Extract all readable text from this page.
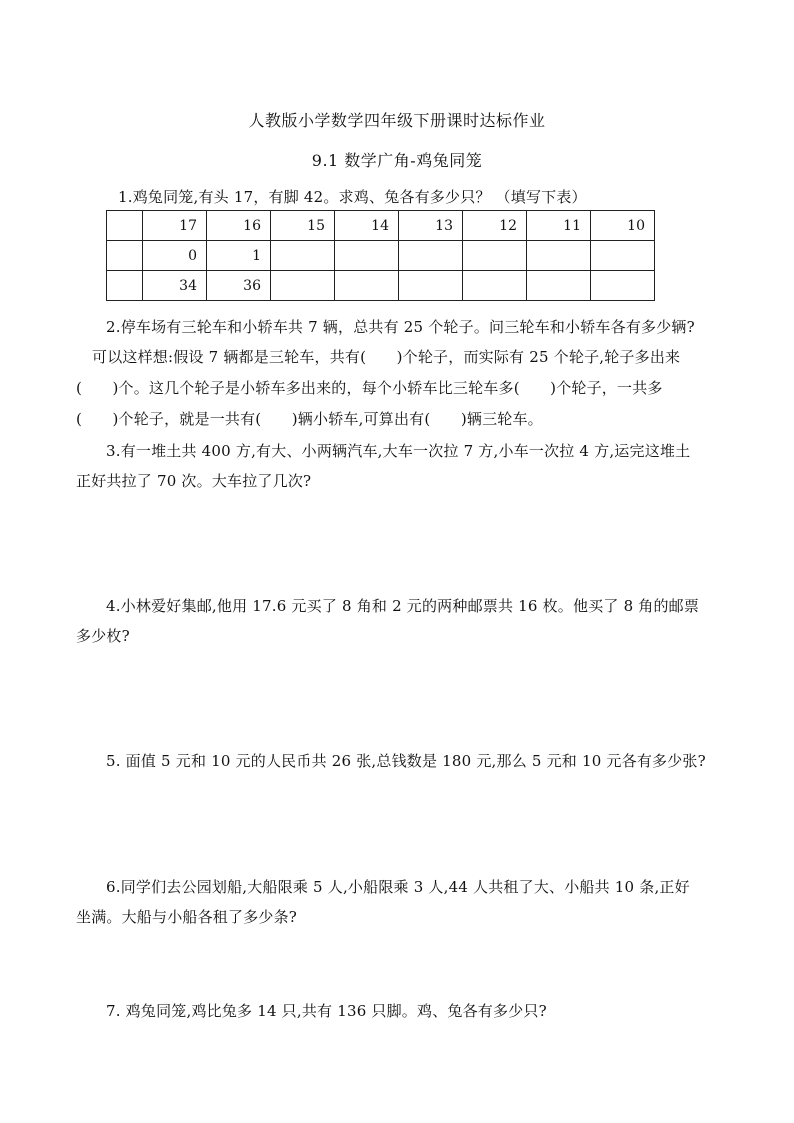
人教版小学数学四年级下册课时达标作业
9.1 数学广角-鸡兔同笼
1.鸡兔同笼,有头 17，有脚 42。求鸡、兔各有多少只？ （填写下表）
	17	16	15	14	13	12	11	10
	0	1						
	34	36						
2.停车场有三轮车和小轿车共 7 辆，总共有 25 个轮子。问三轮车和小轿车各有多少辆?
可以这样想:假设 7 辆都是三轮车，共有(　　)个轮子，而实际有 25 个轮子,轮子多出来
(　　)个。这几个轮子是小轿车多出来的，每个小轿车比三轮车多(　　)个轮子，一共多
(　　)个轮子，就是一共有(　　)辆小轿车,可算出有(　　)辆三轮车。
3.有一堆土共 400 方,有大、小两辆汽车,大车一次拉 7 方,小车一次拉 4 方,运完这堆土
正好共拉了 70 次。大车拉了几次?
4.小林爱好集邮,他用 17.6 元买了 8 角和 2 元的两种邮票共 16 枚。他买了 8 角的邮票
多少枚?
5. 面值 5 元和 10 元的人民币共 26 张,总钱数是 180 元,那么 5 元和 10 元各有多少张?
6.同学们去公园划船,大船限乘 5 人,小船限乘 3 人,44 人共租了大、小船共 10 条,正好
坐满。大船与小船各租了多少条?
7. 鸡兔同笼,鸡比兔多 14 只,共有 136 只脚。鸡、兔各有多少只?
